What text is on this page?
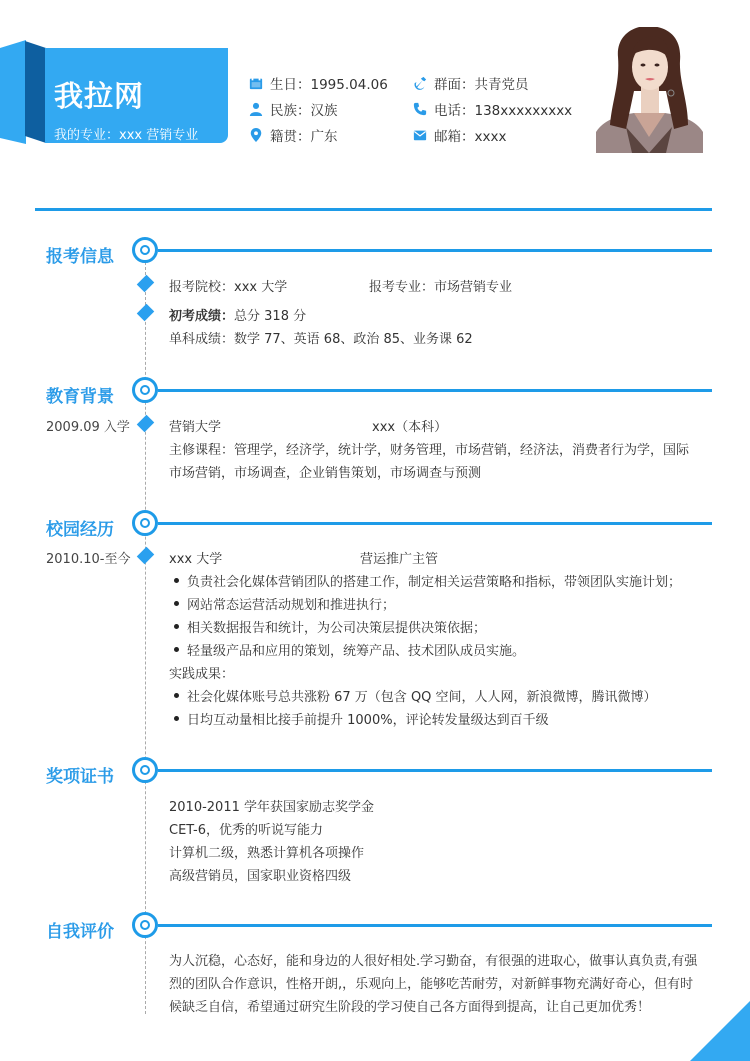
我拉网
我的专业：xxx 营销专业
生日：1995.04.06
民族：汉族
籍贯：广东
群面：共青党员
电话：138xxxxxxxxx
邮箱：xxxx
报考信息
报考院校：xxx 大学	报考专业：市场营销专业
初考成绩：总分 318 分
单科成绩：数学 77、英语 68、政治 85、业务课 62
教育背景
2009.09 入学	营销大学	xxx（本科）
主修课程：管理学，经济学，统计学，财务管理，市场营销，经济法，消费者行为学，国际
市场营销，市场调查，企业销售策划，市场调查与预测
校园经历
2010.10-至今	xxx 大学	营运推广主管
负责社会化媒体营销团队的搭建工作，制定相关运营策略和指标，带领团队实施计划；
网站常态运营活动规划和推进执行；
相关数据报告和统计，为公司决策层提供决策依据；
轻量级产品和应用的策划，统筹产品、技术团队成员实施。
实践成果：
社会化媒体账号总共涨粉 67 万（包含 QQ 空间，人人网，新浪微博，腾讯微博）
日均互动量相比接手前提升 1000%，评论转发量级达到百千级
奖项证书
2010-2011 学年获国家励志奖学金
CET-6，优秀的听说写能力
计算机二级，熟悉计算机各项操作
高级营销员，国家职业资格四级
自我评价
为人沉稳，心态好，能和身边的人很好相处.学习勤奋，有很强的进取心，做事认真负责,有强
烈的团队合作意识，性格开朗,，乐观向上，能够吃苦耐劳，对新鲜事物充满好奇心，但有时
候缺乏自信，希望通过研究生阶段的学习使自己各方面得到提高，让自己更加优秀！
